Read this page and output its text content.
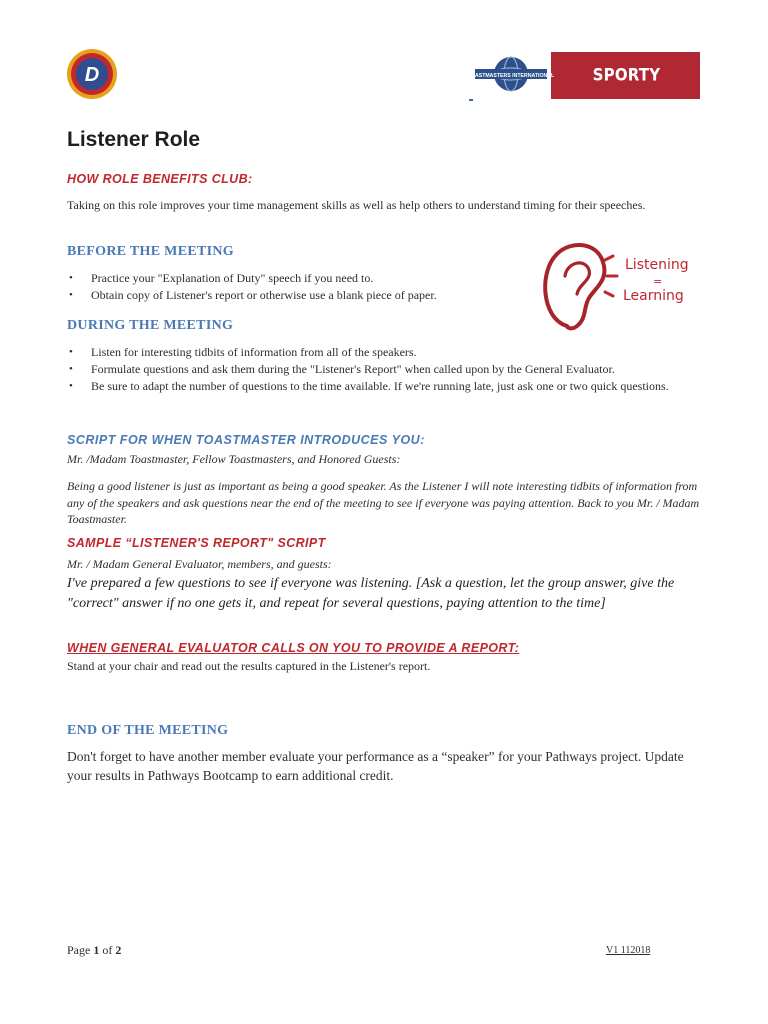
D	TOASTMASTERS INTERNATIONAL	SPORTY SPEAKERS
Listener Role
HOW ROLE BENEFITS CLUB:

Taking on this role improves your time management skills as well as help others to understand timing for their speeches.

BEFORE THE MEETING
• Practice your "Explanation of Duty" speech if you need to.
• Obtain copy of Listener's report or otherwise use a blank piece of paper.
Listening
=
Learning
DURING THE MEETING
• Listen for interesting tidbits of information from all of the speakers.
• Formulate questions and ask them during the "Listener's Report" when called upon by the General Evaluator.
• Be sure to adapt the number of questions to the time available. If we're running late, just ask one or two quick questions.
SCRIPT FOR WHEN TOASTMASTER INTRODUCES YOU:

Mr. /Madam Toastmaster, Fellow Toastmasters, and Honored Guests:

Being a good listener is just as important as being a good speaker. As the Listener I will note interesting tidbits of information from any of the speakers and ask questions near the end of the meeting to see if everyone was paying attention. Back to you Mr. / Madam Toastmaster.

SAMPLE “LISTENER'S REPORT" SCRIPT

Mr. / Madam General Evaluator, members, and guests:

I've prepared a few questions to see if everyone was listening. [Ask a question, let the group answer, give the "correct" answer if no one gets it, and repeat for several questions, paying attention to the time]

WHEN GENERAL EVALUATOR CALLS ON YOU TO PROVIDE A REPORT:

Stand at your chair and read out the results captured in the Listener's report.

END OF THE MEETING

Don't forget to have another member evaluate your performance as a “speaker” for your Pathways project. Update your results in Pathways Bootcamp to earn additional credit.

Page 1 of 2	V1 112018
